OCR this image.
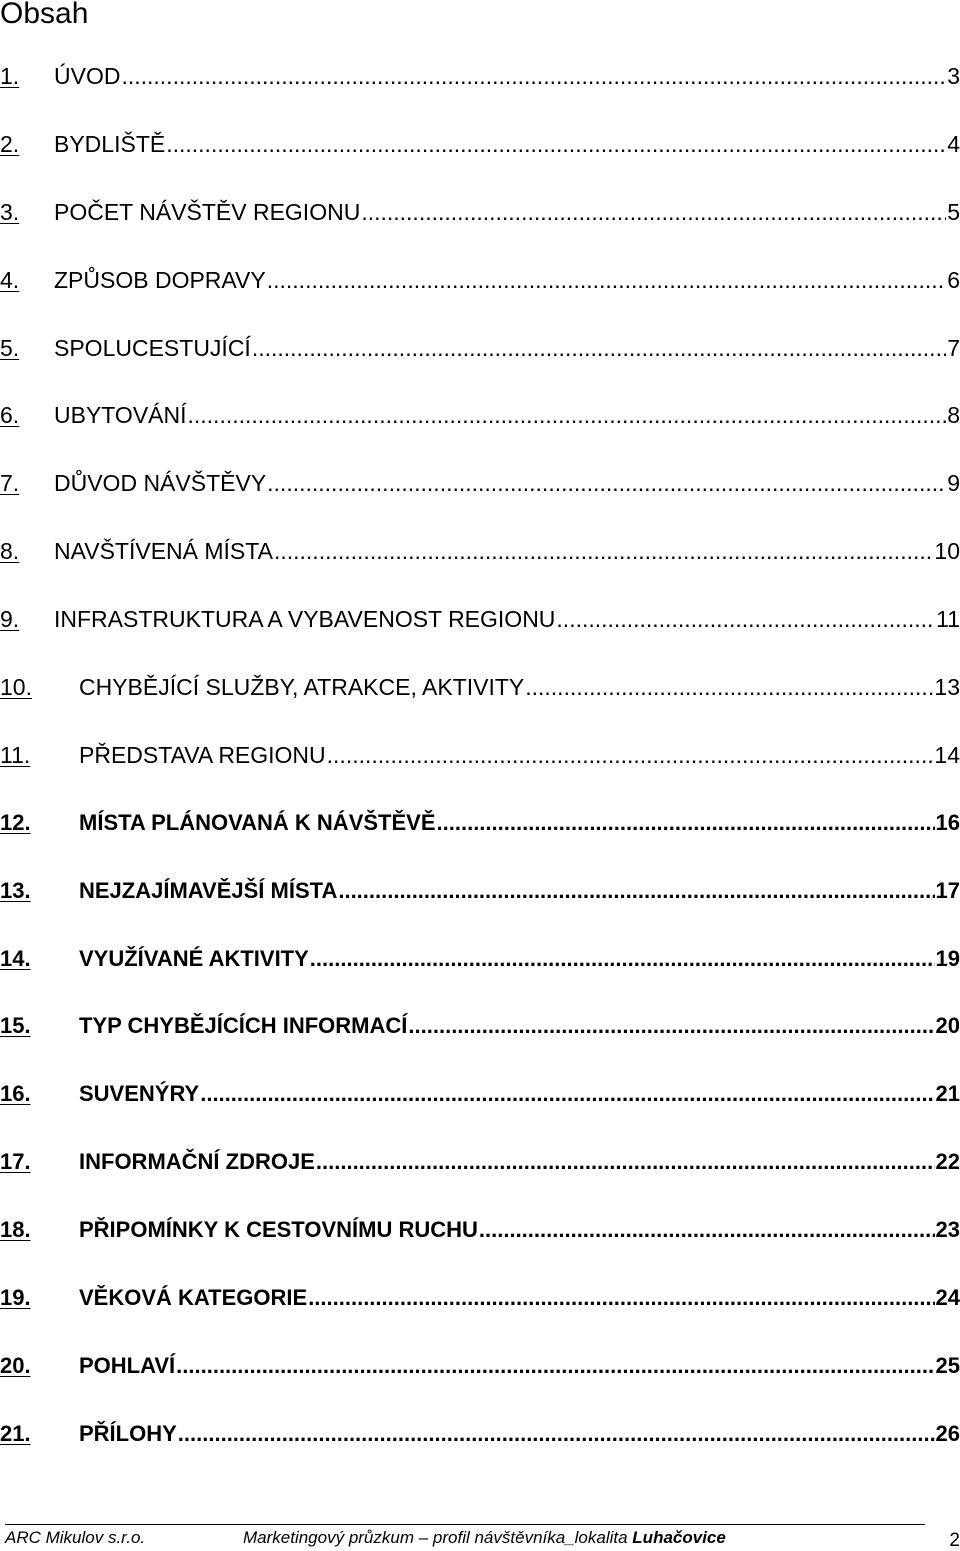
Obsah
1.	ÚVOD .....	3
2.	BYDLIŠTĚ .....	4
3.	POČET NÁVŠTĚV REGIONU .....	5
4.	ZPŮSOB DOPRAVY .....	6
5.	SPOLUCESTUJÍCÍ .....	7
6.	UBYTOVÁNÍ .....	8
7.	DŮVOD NÁVŠTĚVY .....	9
8.	NAVŠTÍVENÁ MÍSTA .....	10
9.	INFRASTRUKTURA A VYBAVENOST REGIONU .....	11
10.	CHYBĚJÍCÍ SLUŽBY, ATRAKCE, AKTIVITY .....	13
11.	PŘEDSTAVA REGIONU .....	14
12.	MÍSTA PLÁNOVANÁ K NÁVŠTĚVĚ .....	16
13.	NEJZAJÍMAVĚJŠÍ MÍSTA .....	17
14.	VYUŽÍVANÉ AKTIVITY .....	19
15.	TYP CHYBĚJÍCÍCH INFORMACÍ .....	20
16.	SUVENÝRY .....	21
17.	INFORMAČNÍ ZDROJE .....	22
18.	PŘIPOMÍNKY K CESTOVNÍMU RUCHU .....	23
19.	VĚKOVÁ KATEGORIE .....	24
20.	POHLAVÍ .....	25
21.	PŘÍLOHY .....	26
ARC Mikulov s.r.o.	Marketingový průzkum – profil návštěvníka_lokalita Luhačovice	2
